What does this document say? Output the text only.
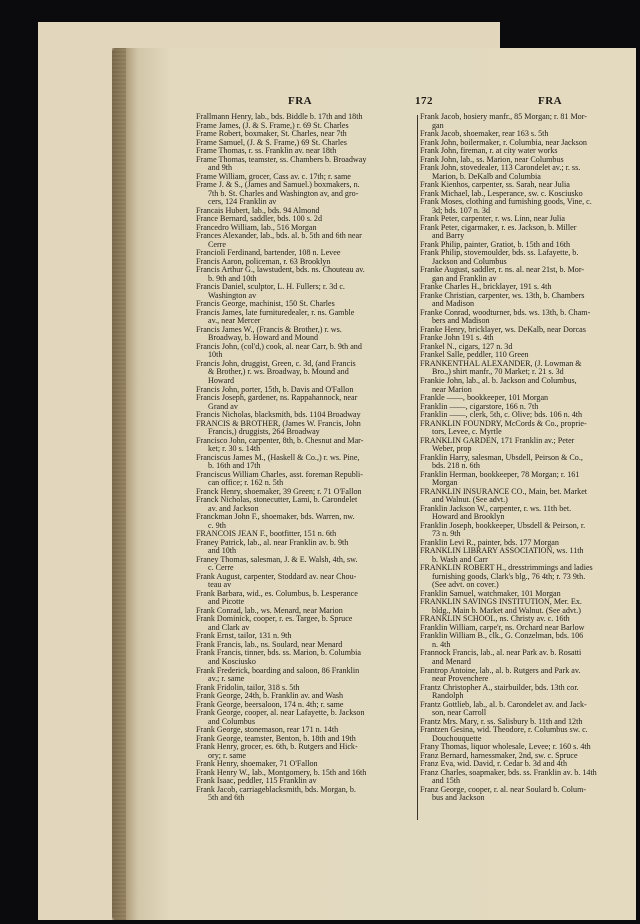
FRA	172	FRA
Frallmann Henry, lab., bds. Biddle b. 17th and 18th
Frame James, (J. & S. Frame,) r. 69 St. Charles
Frame Robert, boxmaker, St. Charles, near 7th
Frame Samuel, (J. & S. Frame,) 69 St. Charles
Frame Thomas, r. ss. Franklin av. near 18th
Frame Thomas, teamster, ss. Chambers b. Broadway
and 9th
Frame William, grocer, Cass av. c. 17th; r. same
Frame J. & S., (James and Samuel.) boxmakers, n.
7th b. St. Charles and Washington av, and gro-
cers, 124 Franklin av
Francais Hubert, lab., bds. 94 Almond
France Bernard, saddler, bds. 100 s. 2d
Francedro William, lab., 516 Morgan
Frances Alexander, lab., bds. al. b. 5th and 6th near
Cerre
Franciolì Ferdinand, bartender, 108 n. Levee
Francis Aaron, policeman, r. 63 Brooklyn
Francis Arthur G., lawstudent, bds. ns. Chouteau av.
b. 9th and 10th
Francis Daniel, sculptor, L. H. Fullers; r. 3d c.
Washington av
Francis George, machinist, 150 St. Charles
Francis James, late furnituredealer, r. ns. Gamble
av., near Mercer
Francis James W., (Francis & Brother,) r. ws.
Broadway, b. Howard and Mound
Francis John, (col'd,) cook, al. near Carr, b. 9th and
10th
Francis John, druggist, Green, c. 3d, (and Francis
& Brother,) r. ws. Broadway, b. Mound and
Howard
Francis John, porter, 15th, b. Davis and O'Fallon
Francis Joseph, gardener, ns. Rappahannock, near
Grand av
Francis Nicholas, blacksmith, bds. 1104 Broadway
FRANCIS & BROTHER, (James W. Francis, John
Francis,) druggists, 264 Broadway
Francisco John, carpenter, 8th, b. Chesnut and Mar-
ket; r. 30 s. 14th
Franciscus James M., (Haskell & Co.,) r. ws. Pine,
b. 16th and 17th
Franciscus William Charles, asst. foreman Republi-
can office; r. 162 n. 5th
Franck Henry, shoemaker, 39 Green; r. 71 O'Fallon
Franck Nicholas, stonecutter, Lami, b. Carondelet
av. and Jackson
Franckman John F., shoemaker, bds. Warren, nw.
c. 9th
FRANCOIS JEAN F., bootfitter, 151 n. 6th
Franey Patrick, lab., al. near Franklin av. b. 9th
and 10th
Franey Thomas, salesman, J. & E. Walsh, 4th, sw.
c. Cerre
Frank August, carpenter, Stoddard av. near Chou-
teau av
Frank Barbara, wid., es. Columbus, b. Lesperance
and Picotte
Frank Conrad, lab., ws. Menard, near Marion
Frank Dominick, cooper, r. es. Targee, b. Spruce
and Clark av
Frank Ernst, tailor, 131 n. 9th
Frank Francis, lab., ns. Soulard, near Menard
Frank Francis, tinner, bds. ss. Marion, b. Columbia
and Kosciusko
Frank Frederick, boarding and saloon, 86 Franklin
av.; r. same
Frank Fridolin, tailor, 318 s. 5th
Frank George, 24th, b. Franklin av. and Wash
Frank George, beersaloon, 174 n. 4th; r. same
Frank George, cooper, al. near Lafayette, b. Jackson
and Columbus
Frank George, stonemason, rear 171 n. 14th
Frank George, teamster, Benton, b. 18th and 19th
Frank Henry, grocer, es. 6th, b. Rutgers and Hick-
ory; r. same
Frank Henry, shoemaker, 71 O'Fallon
Frank Henry W., lab., Montgomery, b. 15th and 16th
Frank Isaac, peddler, 115 Franklin av
Frank Jacob, carriageblacksmith, bds. Morgan, b.
5th and 6th
Frank Jacob, hosiery manfr., 85 Morgan; r. 81 Mor-
gan
Frank Jacob, shoemaker, rear 163 s. 5th
Frank John, boilermaker, r. Columbia, near Jackson
Frank John, fireman, r. at city water works
Frank John, lab., ss. Marion, near Columbus
Frank John, stovedealer, 113 Carondelet av.; r. ss.
Marion, b. DeKalb and Columbia
Frank Kienhos, carpenter, ss. Sarah, near Julia
Frank Michael, lab., Lesperance, sw. c. Kosciusko
Frank Moses, clothing and furnishing goods, Vine, c.
3d; bds. 107 n. 3d
Frank Peter, carpenter, r. ws. Linn, near Julia
Frank Peter, cigarmaker, r. es. Jackson, b. Miller
and Barry
Frank Philip, painter, Gratiot, b. 15th and 16th
Frank Philip, stovemoulder, bds. ss. Lafayette, b.
Jackson and Columbus
Franke August, saddler, r. ns. al. near 21st, b. Mor-
gan and Franklin av
Franke Charles H., bricklayer, 191 s. 4th
Franke Christian, carpenter, ws. 13th, b. Chambers
and Madison
Franke Conrad, woodturner, bds. ws. 13th, b. Cham-
bers and Madison
Franke Henry, bricklayer, ws. DeKalb, near Dorcas
Franke John 191 s. 4th
Frankel N., cigars, 127 n. 3d
Frankel Salle, peddler, 110 Green
FRANKENTHAL ALEXANDER, (J. Lowman &
Bro.,) shirt manfr., 70 Market; r. 21 s. 3d
Frankie John, lab., al. b. Jackson and Columbus,
near Marion
Frankle ——, bookkeeper, 101 Morgan
Franklin ——, cigarstore, 166 n. 7th
Franklin ——, clerk, 5th, c. Olive; bds. 106 n. 4th
FRANKLIN FOUNDRY, McCords & Co., proprie-
tors, Levee, c. Myrtle
FRANKLIN GARDEN, 171 Franklin av.; Peter
Weber, prop
Franklin Harry, salesman, Ubsdell, Peirson & Co.,
bds. 218 n. 6th
Franklin Herman, bookkeeper, 78 Morgan; r. 161
Morgan
FRANKLIN INSURANCE CO., Main, bet. Market
and Walnut. (See advt.)
Franklin Jackson W., carpenter, r. ws. 11th bet.
Howard and Brooklyn
Franklin Joseph, bookkeeper, Ubsdell & Peirson, r.
73 n. 9th
Franklin Levi R., painter, bds. 177 Morgan
FRANKLIN LIBRARY ASSOCIATION, ws. 11th
b. Wash and Carr
FRANKLIN ROBERT H., dresstrimmings and ladies
furnishing goods, Clark's blg., 76 4th; r. 73 9th.
(See advt. on cover.)
Franklin Samuel, watchmaker, 101 Morgan
FRANKLIN SAVINGS INSTITUTION, Mer. Ex.
bldg., Main b. Market and Walnut. (See advt.)
FRANKLIN SCHOOL, ns. Christy av. c. 16th
Franklin William, carpe'r, ns. Orchard near Barlow
Franklin William B., clk., G. Conzelman, bds. 106
n. 4th
Frannock Francis, lab., al. near Park av. b. Rosatti
and Menard
Frantrop Antoine, lab., al. b. Rutgers and Park av.
near Provenchere
Frantz Christopher A., stairbuilder, bds. 13th cor.
Randolph
Frantz Gottlieb, lab., al. b. Carondelet av. and Jack-
son, near Carroll
Frantz Mrs. Mary, r. ss. Salisbury b. 11th and 12th
Frantzen Gesina, wid. Theodore, r. Columbus sw. c.
Douchouquette
Frany Thomas, liquor wholesale, Levee; r. 160 s. 4th
Franz Bernard, harnessmaker, 2nd, sw. c. Spruce
Franz Eva, wid. David, r. Cedar b. 3d and 4th
Franz Charles, soapmaker, bds. ss. Franklin av. b. 14th
and 15th
Franz George, cooper, r. al. near Soulard b. Colum-
bus and Jackson
